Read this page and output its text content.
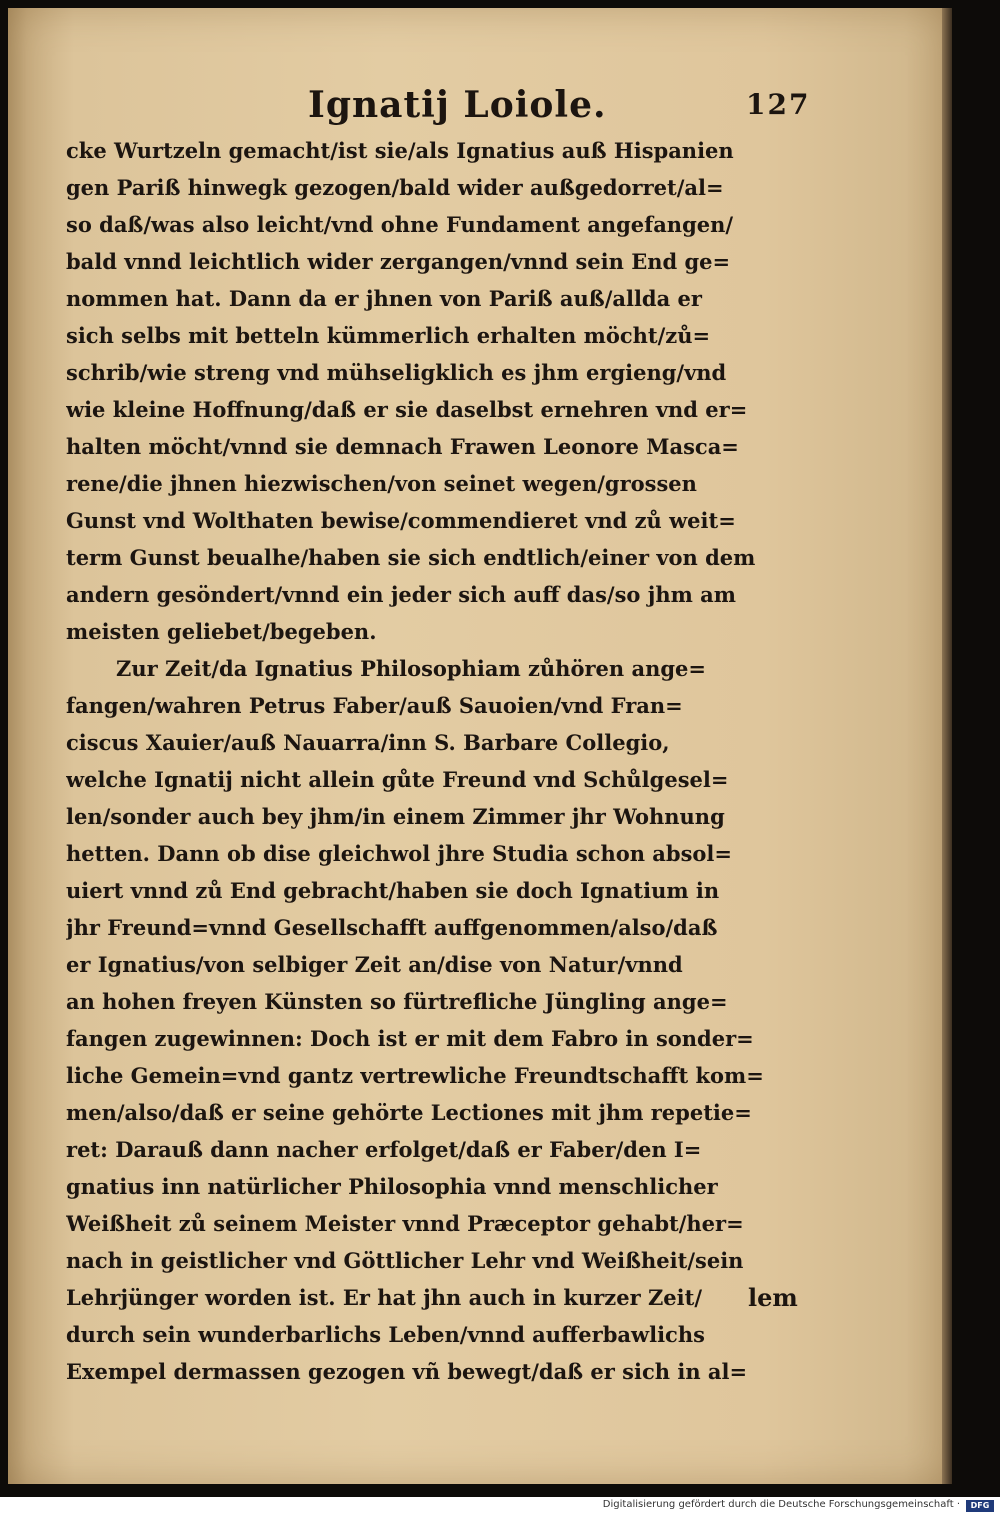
Ignatij Loiole.	127
cke Wurtzeln gemacht/ist sie/als Ignatius auß Hispanien
gen Pariß hinwegk gezogen/bald wider außgedorret/al=
so daß/was also leicht/vnd ohne Fundament angefangen/
bald vnnd leichtlich wider zergangen/vnnd sein End ge=
nommen hat. Dann da er jhnen von Pariß auß/allda er
sich selbs mit betteln kümmerlich erhalten möcht/zů=
schrib/wie streng vnd mühseligklich es jhm ergieng/vnd
wie kleine Hoffnung/daß er sie daselbst ernehren vnd er=
halten möcht/vnnd sie demnach Frawen Leonore Masca=
rene/die jhnen hiezwischen/von seinet wegen/grossen
Gunst vnd Wolthaten bewise/commendieret vnd zů weit=
term Gunst beualhe/haben sie sich endtlich/einer von dem
andern gesöndert/vnnd ein jeder sich auff das/so jhm am
meisten geliebet/begeben.
Zur Zeit/da Ignatius Philosophiam zůhören ange=
fangen/wahren Petrus Faber/auß Sauoien/vnd Fran=
ciscus Xauier/auß Nauarra/inn S. Barbare Collegio,
welche Ignatij nicht allein gůte Freund vnd Schůlgesel=
len/sonder auch bey jhm/in einem Zimmer jhr Wohnung
hetten. Dann ob dise gleichwol jhre Studia schon absol=
uiert vnnd zů End gebracht/haben sie doch Ignatium in
jhr Freund=vnnd Gesellschafft auffgenommen/also/daß
er Ignatius/von selbiger Zeit an/dise von Natur/vnnd
an hohen freyen Künsten so fürtrefliche Jüngling ange=
fangen zugewinnen: Doch ist er mit dem Fabro in sonder=
liche Gemein=vnd gantz vertrewliche Freundtschafft kom=
men/also/daß er seine gehörte Lectiones mit jhm repetie=
ret: Darauß dann nacher erfolget/daß er Faber/den I=
gnatius inn natürlicher Philosophia vnnd menschlicher
Weißheit zů seinem Meister vnnd Præceptor gehabt/her=
nach in geistlicher vnd Göttlicher Lehr vnd Weißheit/sein
Lehrjünger worden ist. Er hat jhn auch in kurzer Zeit/
durch sein wunderbarlichs Leben/vnnd aufferbawlichs
Exempel dermassen gezogen vñ bewegt/daß er sich in al=
lem
Digitalisierung gefördert durch die Deutsche Forschungsgemeinschaft ·	DFG
